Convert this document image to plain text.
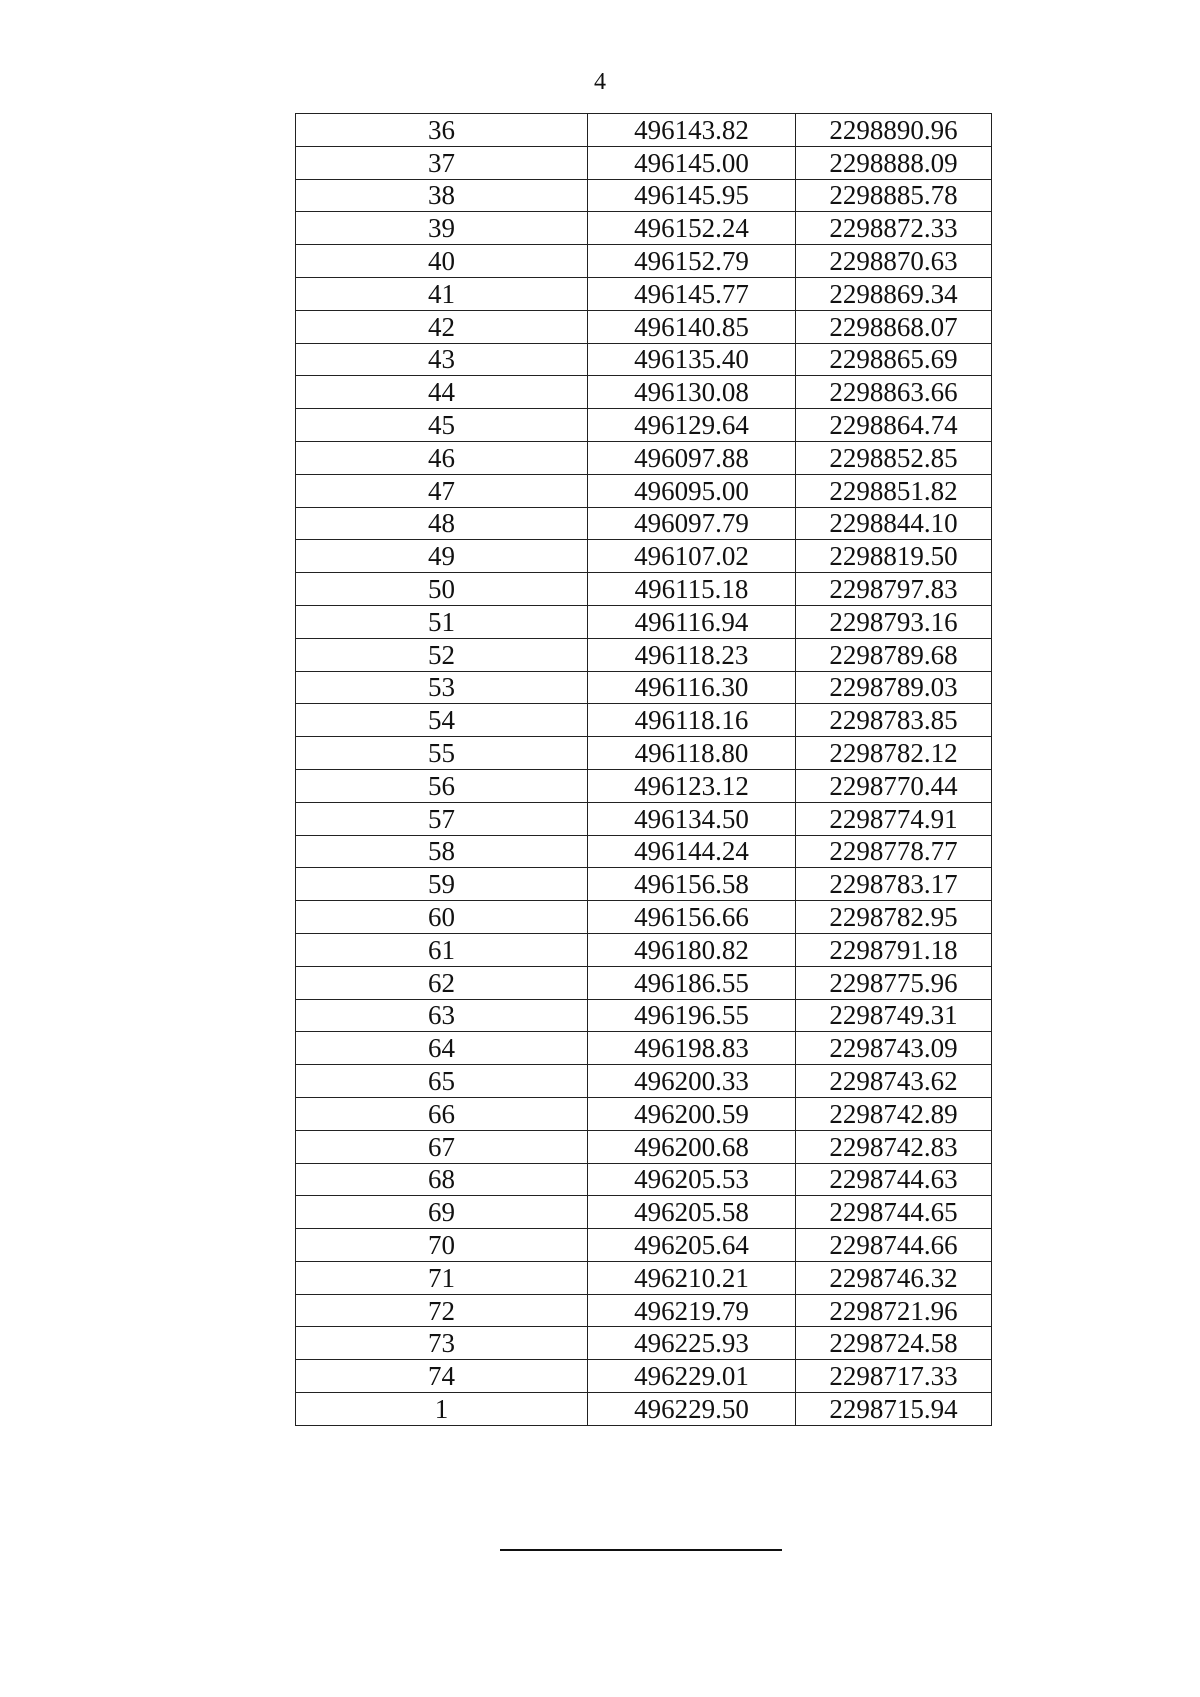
4
36	496143.82	2298890.96
37	496145.00	2298888.09
38	496145.95	2298885.78
39	496152.24	2298872.33
40	496152.79	2298870.63
41	496145.77	2298869.34
42	496140.85	2298868.07
43	496135.40	2298865.69
44	496130.08	2298863.66
45	496129.64	2298864.74
46	496097.88	2298852.85
47	496095.00	2298851.82
48	496097.79	2298844.10
49	496107.02	2298819.50
50	496115.18	2298797.83
51	496116.94	2298793.16
52	496118.23	2298789.68
53	496116.30	2298789.03
54	496118.16	2298783.85
55	496118.80	2298782.12
56	496123.12	2298770.44
57	496134.50	2298774.91
58	496144.24	2298778.77
59	496156.58	2298783.17
60	496156.66	2298782.95
61	496180.82	2298791.18
62	496186.55	2298775.96
63	496196.55	2298749.31
64	496198.83	2298743.09
65	496200.33	2298743.62
66	496200.59	2298742.89
67	496200.68	2298742.83
68	496205.53	2298744.63
69	496205.58	2298744.65
70	496205.64	2298744.66
71	496210.21	2298746.32
72	496219.79	2298721.96
73	496225.93	2298724.58
74	496229.01	2298717.33
1	496229.50	2298715.94
